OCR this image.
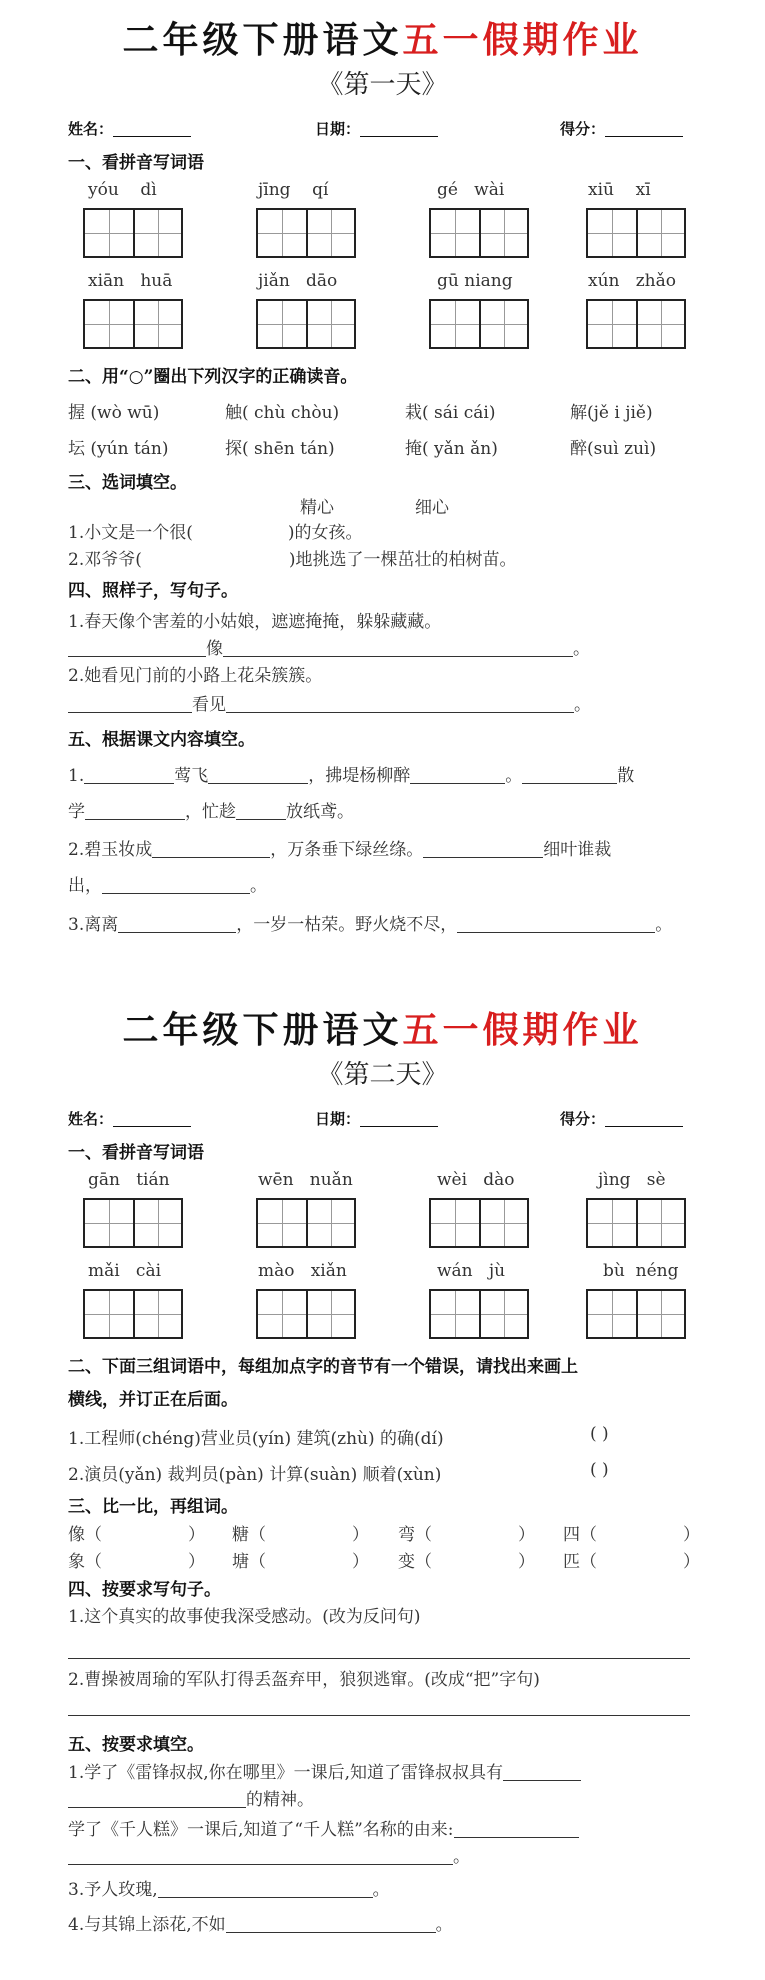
二年级下册语文五一假期作业
《第一天》
姓名：	日期：	得分：
一、看拼音写词语
yóu dì	jīng qí	gé wài	xiū xī
xiān huā	jiǎn dāo	gū niang	xún zhǎo
二、用“○”圈出下列汉字的正确读音。
握 (wò wū)	触( chù chòu)	栽( sái cái)	解(jě i jiě)
坛 (yún tán)	探( shēn tán)	掩( yǎn ǎn)	醉(suì zuì)
三、选词填空。
精心	细心
1.小文是一个很(	)的女孩。
2.邓爷爷(	)地挑选了一棵茁壮的柏树苗。
四、照样子，写句子。
1.春天像个害羞的小姑娘，遮遮掩掩，躲躲藏藏。
像	。
2.她看见门前的小路上花朵簇簇。
看见	。
五、根据课文内容填空。
1.	莺飞	，拂堤杨柳醉	。	散
学	，忙趁	放纸鸢。
2.碧玉妆成	，万条垂下绿丝绦。	细叶谁裁
出，	。
3.离离	，一岁一枯荣。野火烧不尽，	。
二年级下册语文五一假期作业
《第二天》
姓名：	日期：	得分：
一、看拼音写词语
gān tián	wēn nuǎn	wèi dào	jìng sè
mǎi cài	mào xiǎn	wán jù	bù néng
二、下面三组词语中，每组加点字的音节有一个错误，请找出来画上
横线，并订正在后面。
1.工程师(chéng)营业员(yín) 建筑(zhù) 的确(dí)	( )
2.演员(yǎn) 裁判员(pàn) 计算(suàn) 顺着(xùn)	( )
三、比一比，再组词。
像（	） 糖（	） 弯（	） 四（	）
象（	） 塘（	） 变（	） 匹（	）
四、按要求写句子。
1.这个真实的故事使我深受感动。(改为反问句)
2.曹操被周瑜的军队打得丢盔弃甲，狼狈逃窜。(改成“把”字句)
五、按要求填空。
1.学了《雷锋叔叔,你在哪里》一课后,知道了雷锋叔叔具有
的精神。
学了《千人糕》一课后,知道了“千人糕”名称的由来:
。
3.予人玫瑰,	。
4.与其锦上添花,不如	。
